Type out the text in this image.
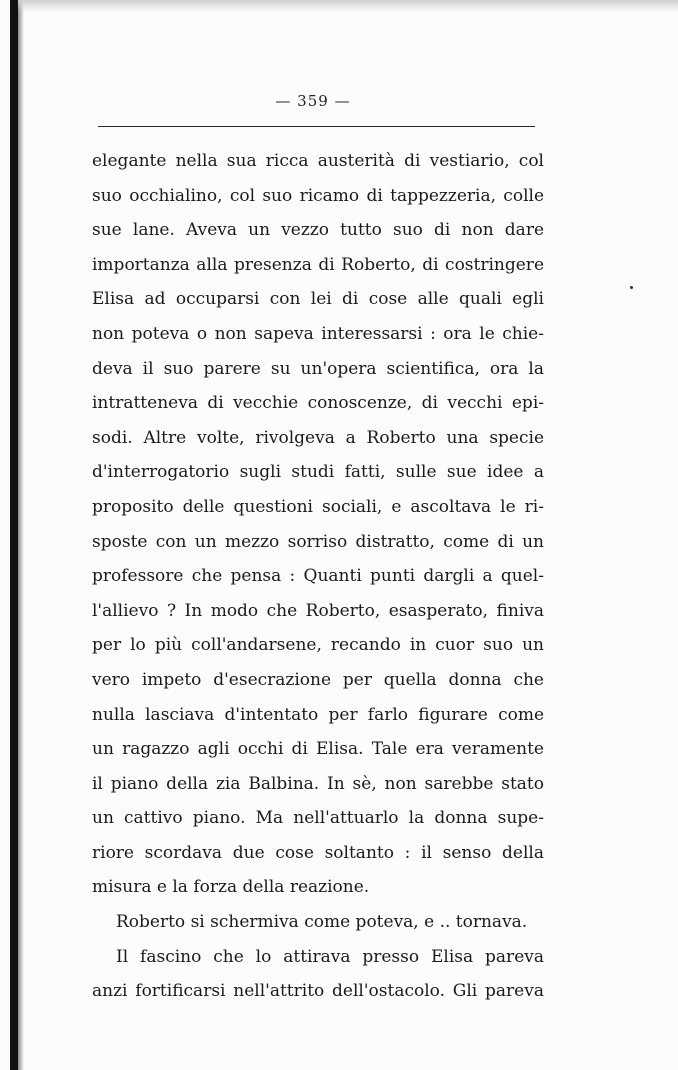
— 359 —
elegante nella sua ricca austerità di vestiario, col
suo occhialino, col suo ricamo di tappezzeria, colle
sue lane. Aveva un vezzo tutto suo di non dare
importanza alla presenza di Roberto, di costringere
Elisa ad occuparsi con lei di cose alle quali egli
non poteva o non sapeva interessarsi : ora le chie-
deva il suo parere su un'opera scientifica, ora la
intratteneva di vecchie conoscenze, di vecchi epi-
sodi. Altre volte, rivolgeva a Roberto una specie
d'interrogatorio sugli studi fatti, sulle sue idee a
proposito delle questioni sociali, e ascoltava le ri-
sposte con un mezzo sorriso distratto, come di un
professore che pensa : Quanti punti dargli a quel-
l'allievo ? In modo che Roberto, esasperato, finiva
per lo più coll'andarsene, recando in cuor suo un
vero impeto d'esecrazione per quella donna che
nulla lasciava d'intentato per farlo figurare come
un ragazzo agli occhi di Elisa. Tale era veramente
il piano della zia Balbina. In sè, non sarebbe stato
un cattivo piano. Ma nell'attuarlo la donna supe-
riore scordava due cose soltanto : il senso della
misura e la forza della reazione.
Roberto si schermiva come poteva, e .. tornava.
Il fascino che lo attirava presso Elisa pareva
anzi fortificarsi nell'attrito dell'ostacolo. Gli pareva
